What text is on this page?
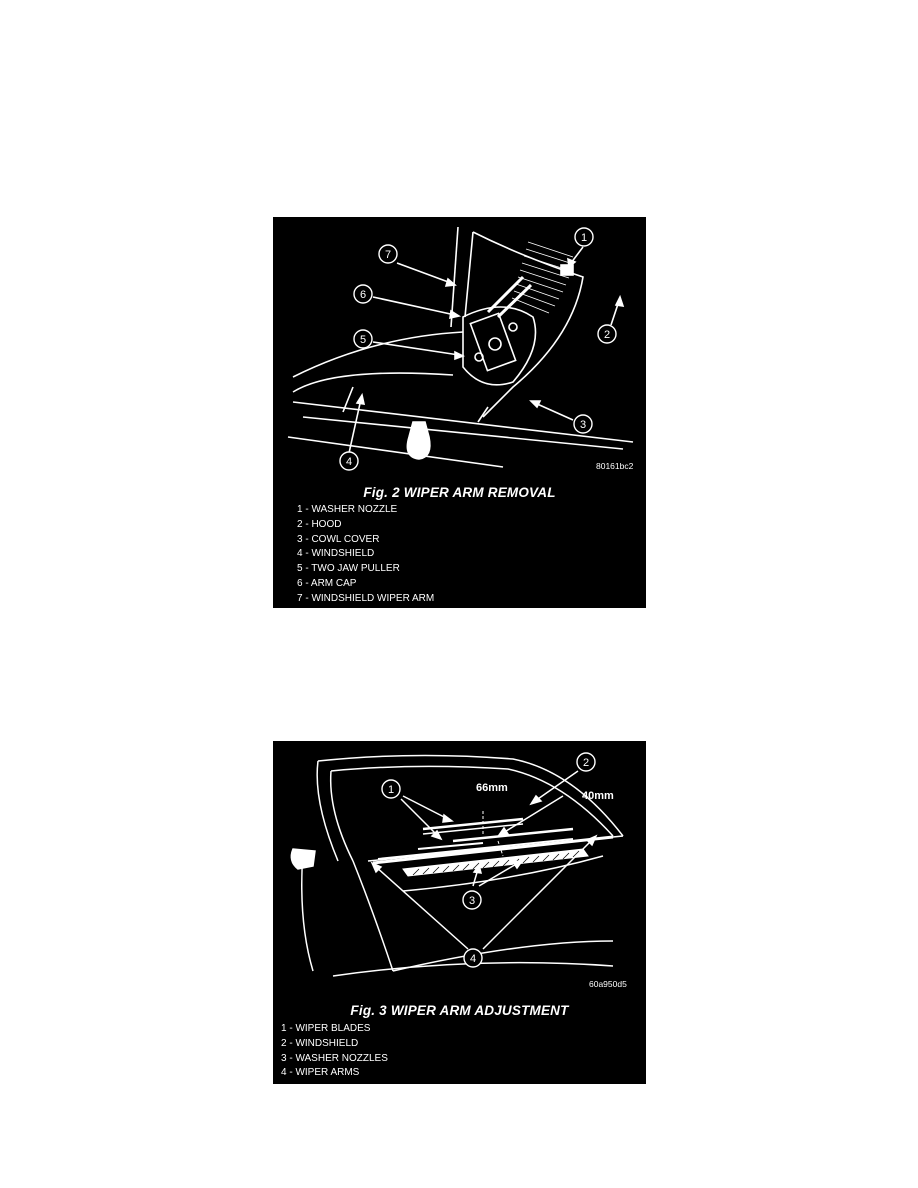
1
2
3
4
5
6
7
80161bc2
Fig. 2 WIPER ARM REMOVAL
1 - WASHER NOZZLE
2 - HOOD
3 - COWL COVER
4 - WINDSHIELD
5 - TWO JAW PULLER
6 - ARM CAP
7 - WINDSHIELD WIPER ARM
1
2
3
4
66mm
40mm
60a950d5
Fig. 3 WIPER ARM ADJUSTMENT
1 - WIPER BLADES
2 - WINDSHIELD
3 - WASHER NOZZLES
4 - WIPER ARMS
